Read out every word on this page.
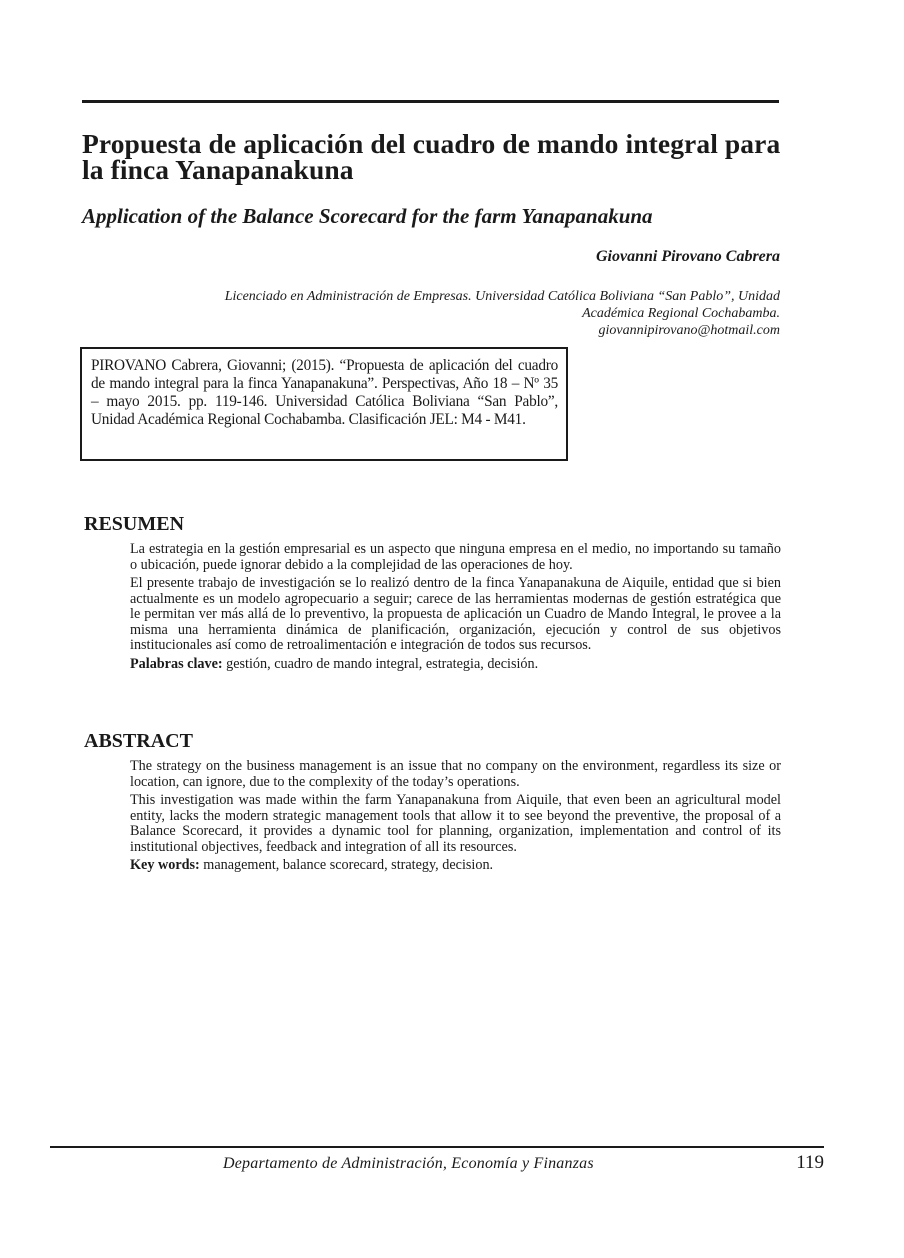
Propuesta de aplicación del cuadro de mando integral para la finca Yanapanakuna
Application of the Balance Scorecard for the farm Yanapanakuna
Giovanni Pirovano Cabrera
Licenciado en Administración de Empresas. Universidad Católica Boliviana “San Pablo”, Unidad
Académica Regional Cochabamba.
giovannipirovano@hotmail.com
PIROVANO Cabrera, Giovanni; (2015). “Propuesta de aplicación del cuadro de mando integral para la finca Yanapanakuna”. Perspectivas, Año 18 – Nº 35 – mayo 2015. pp. 119-146. Universidad Católica Boliviana “San Pablo”, Unidad Académica Regional Cochabamba. Clasificación JEL: M4 - M41.
RESUMEN

La estrategia en la gestión empresarial es un aspecto que ninguna empresa en el medio, no importando su tamaño o ubicación, puede ignorar debido a la complejidad de las operaciones de hoy.

El presente trabajo de investigación se lo realizó dentro de la finca Yanapanakuna de Aiquile, entidad que si bien actualmente es un modelo agropecuario a seguir; carece de las herramientas modernas de gestión estratégica que le permitan ver más allá de lo preventivo, la propuesta de aplicación un Cuadro de Mando Integral, le provee a la misma una herramienta dinámica de planificación, organización, ejecución y control de sus objetivos institucionales así como de retroalimentación e integración de todos sus recursos.

Palabras clave: gestión, cuadro de mando integral, estrategia, decisión.

ABSTRACT

The strategy on the business management is an issue that no company on the environment, regardless its size or location, can ignore, due to the complexity of the today’s operations.

This investigation was made within the farm Yanapanakuna from Aiquile, that even been an agricultural model entity, lacks the modern strategic management tools that allow it to see beyond the preventive, the proposal of a Balance Scorecard, it provides a dynamic tool for planning, organization, implementation and control of its institutional objectives, feedback and integration of all its resources.

Key words: management, balance scorecard, strategy, decision.

Departamento de Administración, Economía y Finanzas	119
